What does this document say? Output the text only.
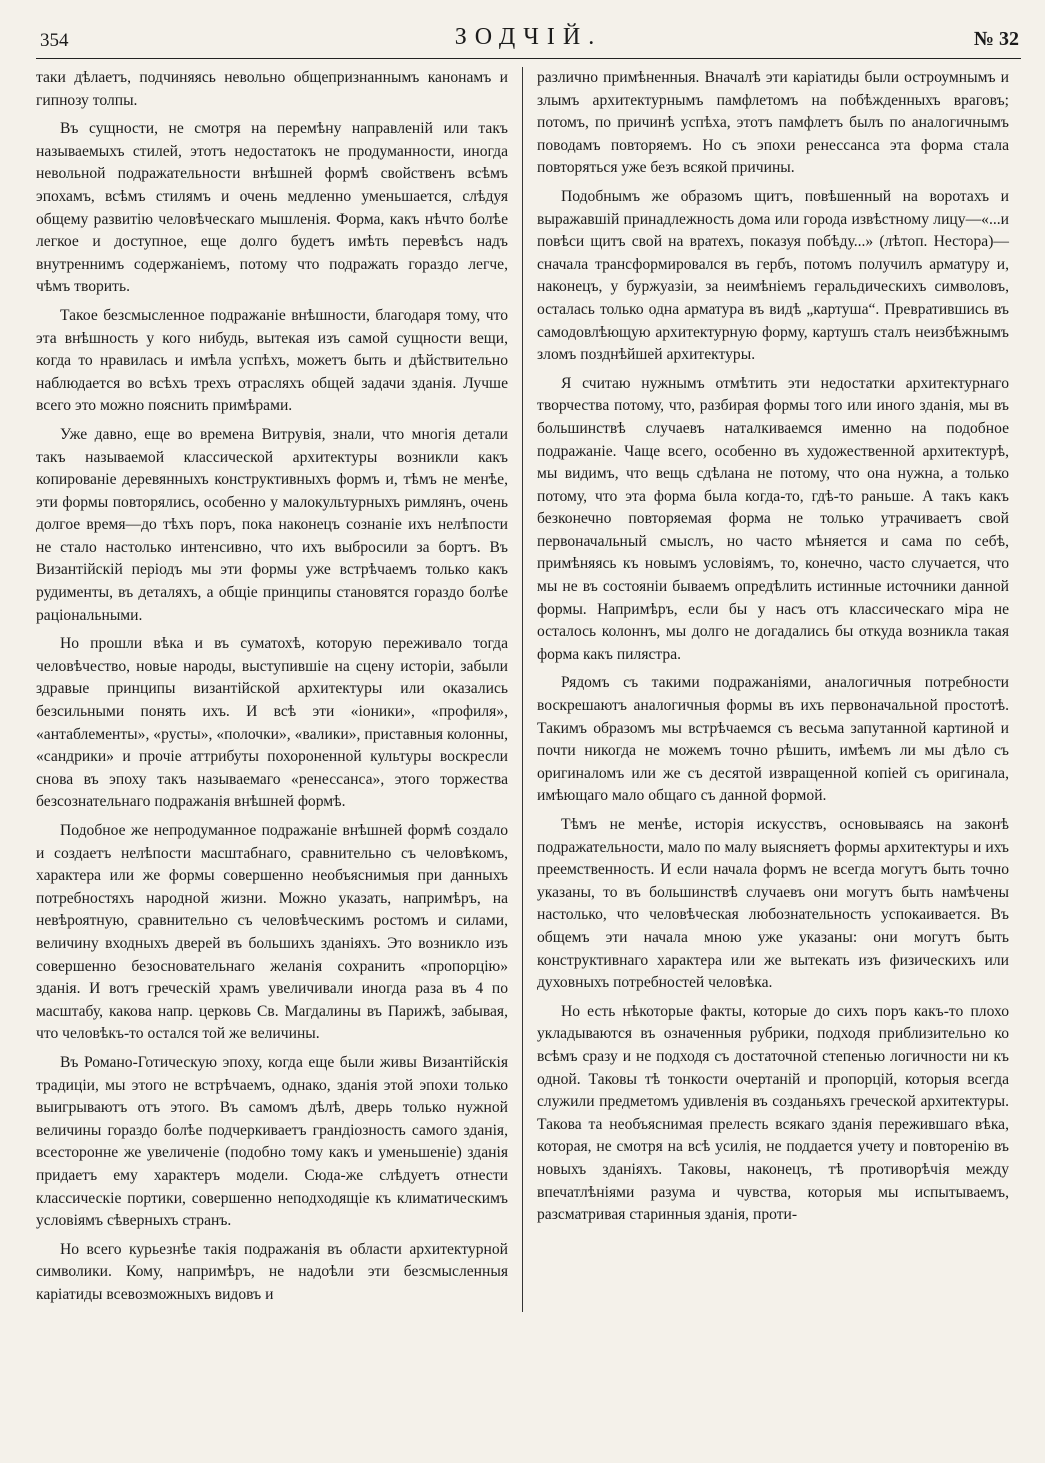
354	ЗОДЧІЙ.	№ 32

таки дѣлаетъ, подчиняясь невольно общепризнаннымъ канонамъ и гипнозу толпы.

Въ сущности, не смотря на перемѣну направленій или такъ называемыхъ стилей, этотъ недостатокъ не продуманности, иногда невольной подражательности внѣшней формѣ свойственъ всѣмъ эпохамъ, всѣмъ стилямъ и очень медленно уменьшается, слѣдуя общему развитію человѣческаго мышленія. Форма, какъ нѣчто болѣе легкое и доступное, еще долго будетъ имѣть перевѣсъ надъ внутреннимъ содержаніемъ, потому что подражать гораздо легче, чѣмъ творить.

Такое безсмысленное подражаніе внѣшности, благодаря тому, что эта внѣшность у кого нибудь, вытекая изъ самой сущности вещи, когда то нравилась и имѣла успѣхъ, можетъ быть и дѣйствительно наблюдается во всѣхъ трехъ отрасляхъ общей задачи зданія. Лучше всего это можно пояснить примѣрами.

Уже давно, еще во времена Витрувія, знали, что многія детали такъ называемой классической архитектуры возникли какъ копированіе деревянныхъ конструктивныхъ формъ и, тѣмъ не менѣе, эти формы повторялись, особенно у малокультурныхъ римлянъ, очень долгое время—до тѣхъ поръ, пока наконецъ сознаніе ихъ нелѣпости не стало настолько интенсивно, что ихъ выбросили за бортъ. Въ Византійскій періодъ мы эти формы уже встрѣчаемъ только какъ рудименты, въ деталяхъ, а общіе принципы становятся гораздо болѣе раціональными.

Но прошли вѣка и въ суматохѣ, которую переживало тогда человѣчество, новые народы, выступившіе на сцену исторіи, забыли здравые принципы византійской архитектуры или оказались безсильными понять ихъ. И всѣ эти «іоники», «профиля», «антаблементы», «русты», «полочки», «валики», приставныя колонны, «сандрики» и прочіе аттрибуты похороненной культуры воскресли снова въ эпоху такъ называемаго «ренессанса», этого торжества безсознательнаго подражанія внѣшней формѣ.

Подобное же непродуманное подражаніе внѣшней формѣ создало и создаетъ нелѣпости масштабнаго, сравнительно съ человѣкомъ, характера или же формы совершенно необъяснимыя при данныхъ потребностяхъ народной жизни. Можно указать, напримѣръ, на невѣроятную, сравнительно съ человѣческимъ ростомъ и силами, величину входныхъ дверей въ большихъ зданіяхъ. Это возникло изъ совершенно безосновательнаго желанія сохранить «пропорцію» зданія. И вотъ греческій храмъ увеличивали иногда раза въ 4 по масштабу, какова напр. церковь Св. Магдалины въ Парижѣ, забывая, что человѣкъ-то остался той же величины.

Въ Романо-Готическую эпоху, когда еще были живы Византійскія традиціи, мы этого не встрѣчаемъ, однако, зданія этой эпохи только выигрываютъ отъ этого. Въ самомъ дѣлѣ, дверь только нужной величины гораздо болѣе подчеркиваетъ грандіозность самого зданія, всесторонне же увеличеніе (подобно тому какъ и уменьшеніе) зданія придаетъ ему характеръ модели. Сюда-же слѣдуетъ отнести классическіе портики, совершенно неподходящіе къ климатическимъ условіямъ сѣверныхъ странъ.

Но всего курьезнѣе такія подражанія въ области архитектурной символики. Кому, напримѣръ, не надоѣли эти безсмысленныя каріатиды всевозможныхъ видовъ и

различно примѣненныя. Вначалѣ эти каріатиды были остроумнымъ и злымъ архитектурнымъ памфлетомъ на побѣжденныхъ враговъ; потомъ, по причинѣ успѣха, этотъ памфлетъ былъ по аналогичнымъ поводамъ повторяемъ. Но съ эпохи ренессанса эта форма стала повторяться уже безъ всякой причины.

Подобнымъ же образомъ щитъ, повѣшенный на воротахъ и выражавшій принадлежность дома или города извѣстному лицу—«...и повѣси щитъ свой на вратехъ, показуя побѣду...» (лѣтоп. Нестора)—сначала трансформировался въ гербъ, потомъ получилъ арматуру и, наконецъ, у буржуазіи, за неимѣніемъ геральдическихъ символовъ, осталась только одна арматура въ видѣ „картуша“. Превратившись въ самодовлѣющую архитектурную форму, картушъ сталъ неизбѣжнымъ зломъ позднѣйшей архитектуры.

Я считаю нужнымъ отмѣтить эти недостатки архитектурнаго творчества потому, что, разбирая формы того или иного зданія, мы въ большинствѣ случаевъ наталкиваемся именно на подобное подражаніе. Чаще всего, особенно въ художественной архитектурѣ, мы видимъ, что вещь сдѣлана не потому, что она нужна, а только потому, что эта форма была когда-то, гдѣ-то раньше. А такъ какъ безконечно повторяемая форма не только утрачиваетъ свой первоначальный смыслъ, но часто мѣняется и сама по себѣ, примѣняясь къ новымъ условіямъ, то, конечно, часто случается, что мы не въ состояніи бываемъ опредѣлить истинные источники данной формы. Напримѣръ, если бы у насъ отъ классическаго міра не осталось колоннъ, мы долго не догадались бы откуда возникла такая форма какъ пилястра.

Рядомъ съ такими подражаніями, аналогичныя потребности воскрешаютъ аналогичныя формы въ ихъ первоначальной простотѣ. Такимъ образомъ мы встрѣчаемся съ весьма запутанной картиной и почти никогда не можемъ точно рѣшить, имѣемъ ли мы дѣло съ оригиналомъ или же съ десятой извращенной копіей съ оригинала, имѣющаго мало общаго съ данной формой.

Тѣмъ не менѣе, исторія искусствъ, основываясь на законѣ подражательности, мало по малу выясняетъ формы архитектуры и ихъ преемственность. И если начала формъ не всегда могутъ быть точно указаны, то въ большинствѣ случаевъ они могутъ быть намѣчены настолько, что человѣческая любознательность успокаивается. Въ общемъ эти начала мною уже указаны: они могутъ быть конструктивнаго характера или же вытекать изъ физическихъ или духовныхъ потребностей человѣка.

Но есть нѣкоторые факты, которые до сихъ поръ какъ-то плохо укладываются въ означенныя рубрики, подходя приблизительно ко всѣмъ сразу и не подходя съ достаточной степенью логичности ни къ одной. Таковы тѣ тонкости очертаній и пропорцій, которыя всегда служили предметомъ удивленія въ созданьяхъ греческой архитектуры. Такова та необъяснимая прелесть всякаго зданія пережившаго вѣка, которая, не смотря на всѣ усилія, не поддается учету и повторенію въ новыхъ зданіяхъ. Таковы, наконецъ, тѣ противорѣчія между впечатлѣніями разума и чувства, которыя мы испытываемъ, разсматривая старинныя зданія, проти-
